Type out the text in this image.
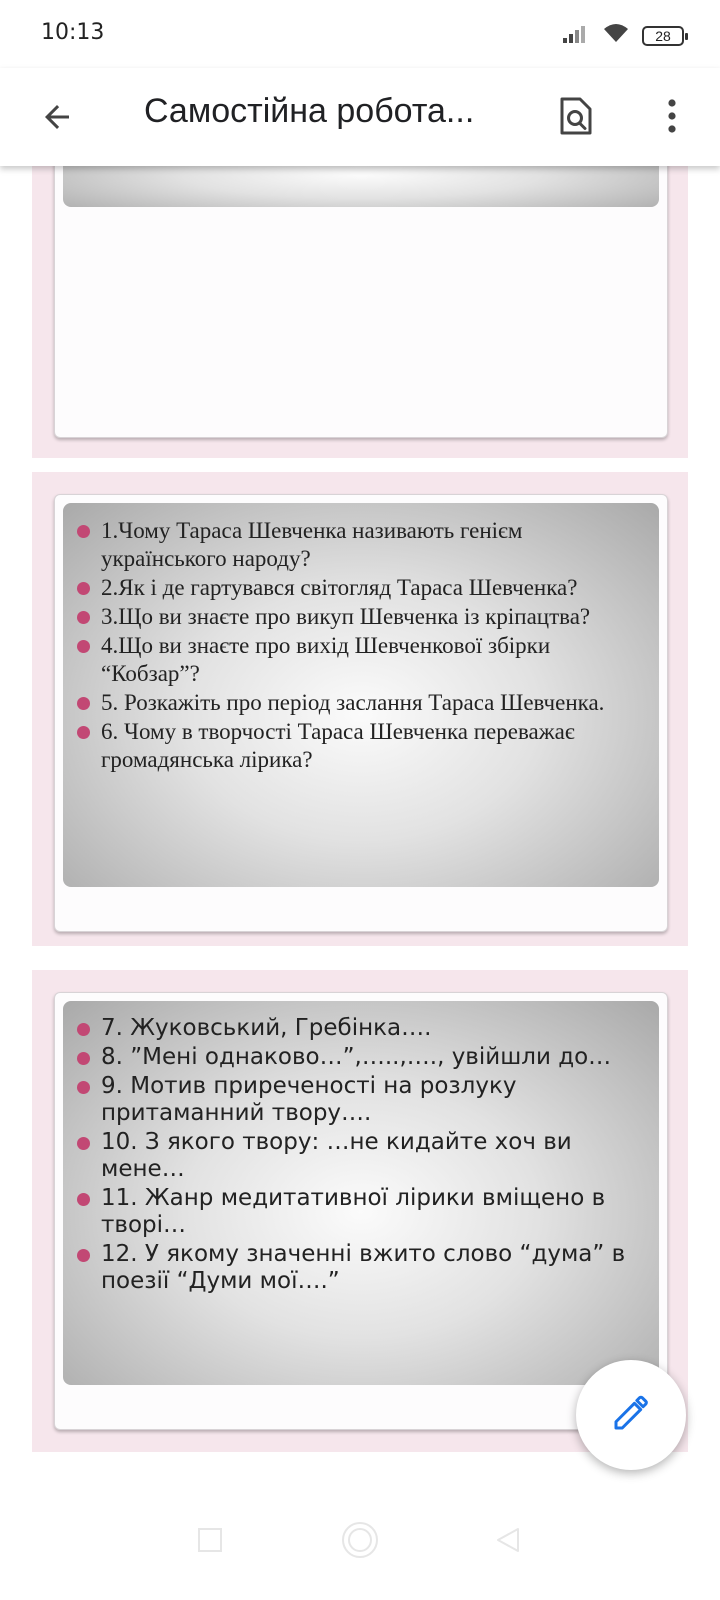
10:13	28
Самостійна робота...
1.Чому Тараса Шевченка називають генієм українського народу?
2.Як і де гартувався світогляд Тараса Шевченка?
3.Що ви знаєте про викуп Шевченка із кріпацтва?
4.Що ви знаєте про вихід Шевченкової збірки “Кобзар”?
5. Розкажіть про період заслання Тараса Шевченка.
6. Чому в творчості Тараса Шевченка переважає громадянська лірика?
7. Жуковський, Гребінка….
8. ”Мені однаково…”,…..,…., увійшли до…
9. Мотив приреченості на розлуку притаманний твору….
10. З якого твору: …не кидайте хоч ви мене…
11. Жанр медитативної лірики вміщено в творі…
12. У якому значенні вжито слово “дума” в поезії “Думи мої….”
